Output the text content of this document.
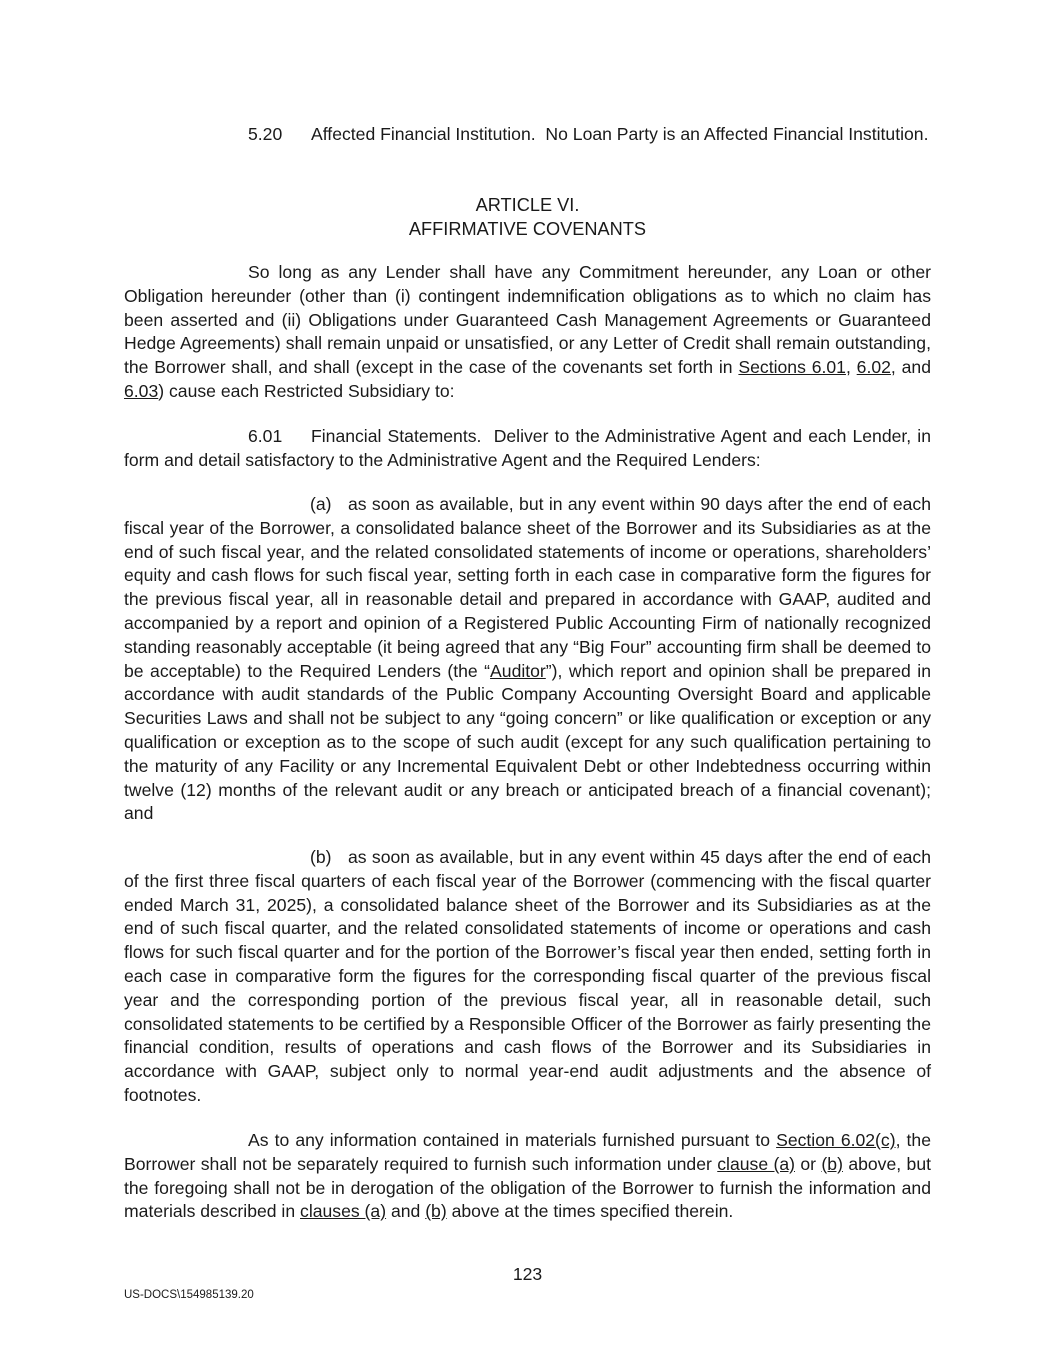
5.20 Affected Financial Institution. No Loan Party is an Affected Financial Institution.

ARTICLE VI.

AFFIRMATIVE COVENANTS

So long as any Lender shall have any Commitment hereunder, any Loan or other Obligation hereunder (other than (i) contingent indemnification obligations as to which no claim has been asserted and (ii) Obligations under Guaranteed Cash Management Agreements or Guaranteed Hedge Agreements) shall remain unpaid or unsatisfied, or any Letter of Credit shall remain outstanding, the Borrower shall, and shall (except in the case of the covenants set forth in Sections 6.01, 6.02, and 6.03) cause each Restricted Subsidiary to:

6.01 Financial Statements. Deliver to the Administrative Agent and each Lender, in form and detail satisfactory to the Administrative Agent and the Required Lenders:

(a) as soon as available, but in any event within 90 days after the end of each fiscal year of the Borrower, a consolidated balance sheet of the Borrower and its Subsidiaries as at the end of such fiscal year, and the related consolidated statements of income or operations, shareholders’ equity and cash flows for such fiscal year, setting forth in each case in comparative form the figures for the previous fiscal year, all in reasonable detail and prepared in accordance with GAAP, audited and accompanied by a report and opinion of a Registered Public Accounting Firm of nationally recognized standing reasonably acceptable (it being agreed that any “Big Four” accounting firm shall be deemed to be acceptable) to the Required Lenders (the “Auditor”), which report and opinion shall be prepared in accordance with audit standards of the Public Company Accounting Oversight Board and applicable Securities Laws and shall not be subject to any “going concern” or like qualification or exception or any qualification or exception as to the scope of such audit (except for any such qualification pertaining to the maturity of any Facility or any Incremental Equivalent Debt or other Indebtedness occurring within twelve (12) months of the relevant audit or any breach or anticipated breach of a financial covenant); and

(b) as soon as available, but in any event within 45 days after the end of each of the first three fiscal quarters of each fiscal year of the Borrower (commencing with the fiscal quarter ended March 31, 2025), a consolidated balance sheet of the Borrower and its Subsidiaries as at the end of such fiscal quarter, and the related consolidated statements of income or operations and cash flows for such fiscal quarter and for the portion of the Borrower’s fiscal year then ended, setting forth in each case in comparative form the figures for the corresponding fiscal quarter of the previous fiscal year and the corresponding portion of the previous fiscal year, all in reasonable detail, such consolidated statements to be certified by a Responsible Officer of the Borrower as fairly presenting the financial condition, results of operations and cash flows of the Borrower and its Subsidiaries in accordance with GAAP, subject only to normal year-end audit adjustments and the absence of footnotes.

As to any information contained in materials furnished pursuant to Section 6.02(c), the Borrower shall not be separately required to furnish such information under clause (a) or (b) above, but the foregoing shall not be in derogation of the obligation of the Borrower to furnish the information and materials described in clauses (a) and (b) above at the times specified therein.

123
US-DOCS\154985139.20
